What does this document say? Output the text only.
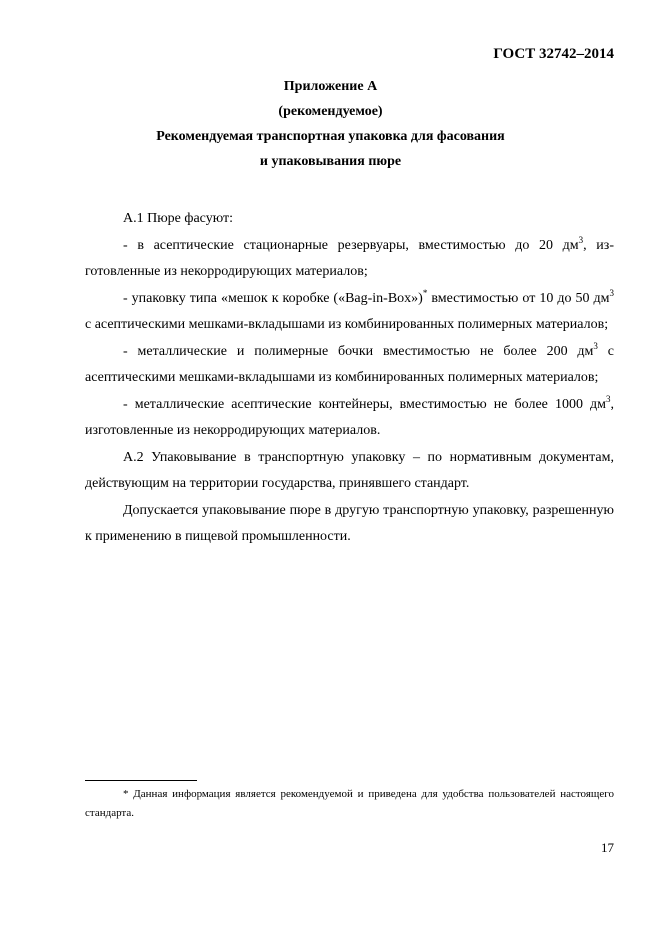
ГОСТ 32742–2014
Приложение А
(рекомендуемое)
Рекомендуемая транспортная упаковка для фасования
и упаковывания пюре

А.1 Пюре фасуют:

- в асептические стационарные резервуары, вместимостью до 20 $дм^3$, изготовленные из некорродирующих материалов;

- упаковку типа «мешок к коробке («Bag-in-Box»)* вместимостью от 10 до 50 $дм^3$ с асептическими мешками-вкладышами из комбинированных полимерных материалов;

- металлические и полимерные бочки вместимостью не более 200 $дм^3$ с асептическими мешками-вкладышами из комбинированных полимерных материалов;

- металлические асептические контейнеры, вместимостью не более 1000 $дм^3$, изготовленные из некорродирующих материалов.

А.2 Упаковывание в транспортную упаковку – по нормативным документам, действующим на территории государства, принявшего стандарт.

Допускается упаковывание пюре в другую транспортную упаковку, разрешенную к применению в пищевой промышленности.

* Данная информация является рекомендуемой и приведена для удобства пользователей настоящего стандарта.

17
